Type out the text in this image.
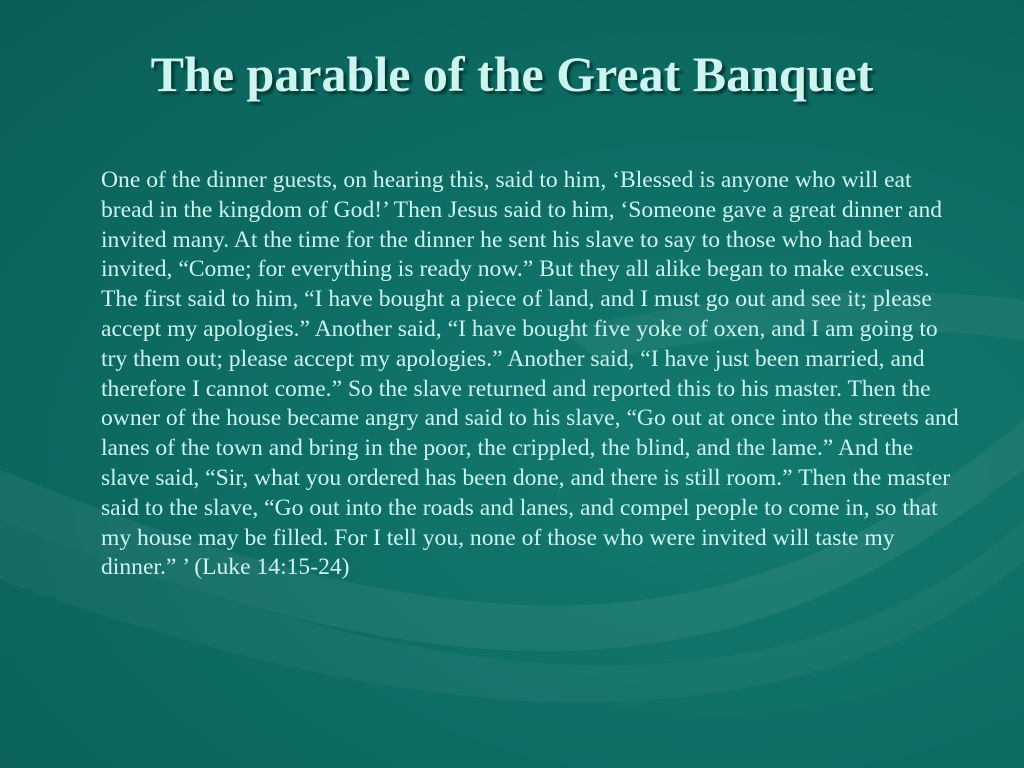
The parable of the Great Banquet

One of the dinner guests, on hearing this, said to him, ‘Blessed is anyone who will eat bread in the kingdom of God!’ Then Jesus said to him, ‘Someone gave a great dinner and invited many. At the time for the dinner he sent his slave to say to those who had been invited, “Come; for everything is ready now.” But they all alike began to make excuses. The first said to him, “I have bought a piece of land, and I must go out and see it; please accept my apologies.” Another said, “I have bought five yoke of oxen, and I am going to try them out; please accept my apologies.” Another said, “I have just been married, and therefore I cannot come.” So the slave returned and reported this to his master. Then the owner of the house became angry and said to his slave, “Go out at once into the streets and lanes of the town and bring in the poor, the crippled, the blind, and the lame.” And the slave said, “Sir, what you ordered has been done, and there is still room.” Then the master said to the slave, “Go out into the roads and lanes, and compel people to come in, so that my house may be filled. For I tell you, none of those who were invited will taste my dinner.” ’ (Luke 14:15-24)
